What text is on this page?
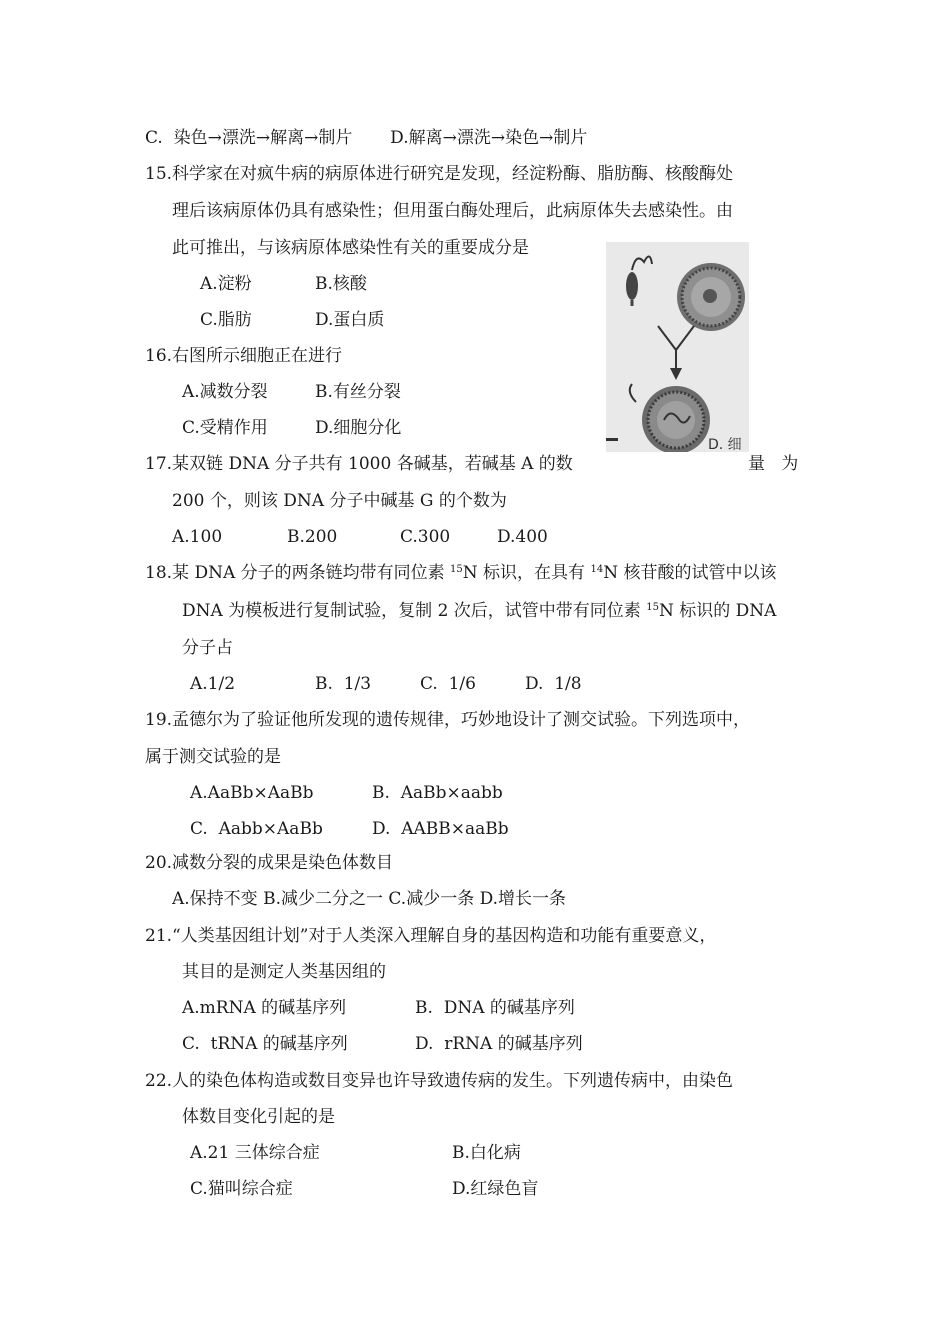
C.  染色→漂洗→解离→制片       D.解离→漂洗→染色→制片
15.科学家在对疯牛病的病原体进行研究是发现，经淀粉酶、脂肪酶、核酸酶处
理后该病原体仍具有感染性；但用蛋白酶处理后，此病原体失去感染性。由
此可推出，与该病原体感染性有关的重要成分是
A.淀粉	B.核酸
C.脂肪	D.蛋白质
D. 细
16.右图所示细胞正在进行
A.减数分裂	B.有丝分裂
C.受精作用	D.细胞分化
17.某双链 DNA 分子共有 1000 各碱基，若碱基 A 的数	量   为
200 个，则该 DNA 分子中碱基 G 的个数为
A.100	B.200	C.300	D.400
18.某 DNA 分子的两条链均带有同位素 $^{15}$N 标识，在具有 $^{14}$N 核苷酸的试管中以该
DNA 为模板进行复制试验，复制 2 次后，试管中带有同位素 $^{15}$N 标识的 DNA
分子占
A.1/2	B.  1/3	C.  1/6	D.  1/8
19.孟德尔为了验证他所发现的遗传规律，巧妙地设计了测交试验。下列选项中，
属于测交试验的是
A.AaBb×AaBb	B.  AaBb×aabb
C.  Aabb×AaBb	D.  AABB×aaBb
20.减数分裂的成果是染色体数目
A.保持不变 B.减少二分之一 C.减少一条 D.增长一条
21.“人类基因组计划”对于人类深入理解自身的基因构造和功能有重要意义，
其目的是测定人类基因组的
A.mRNA 的碱基序列	B.  DNA 的碱基序列
C.  tRNA 的碱基序列	D.  rRNA 的碱基序列
22.人的染色体构造或数目变异也许导致遗传病的发生。下列遗传病中，由染色
体数目变化引起的是
A.21 三体综合症	B.白化病
C.猫叫综合症	D.红绿色盲
